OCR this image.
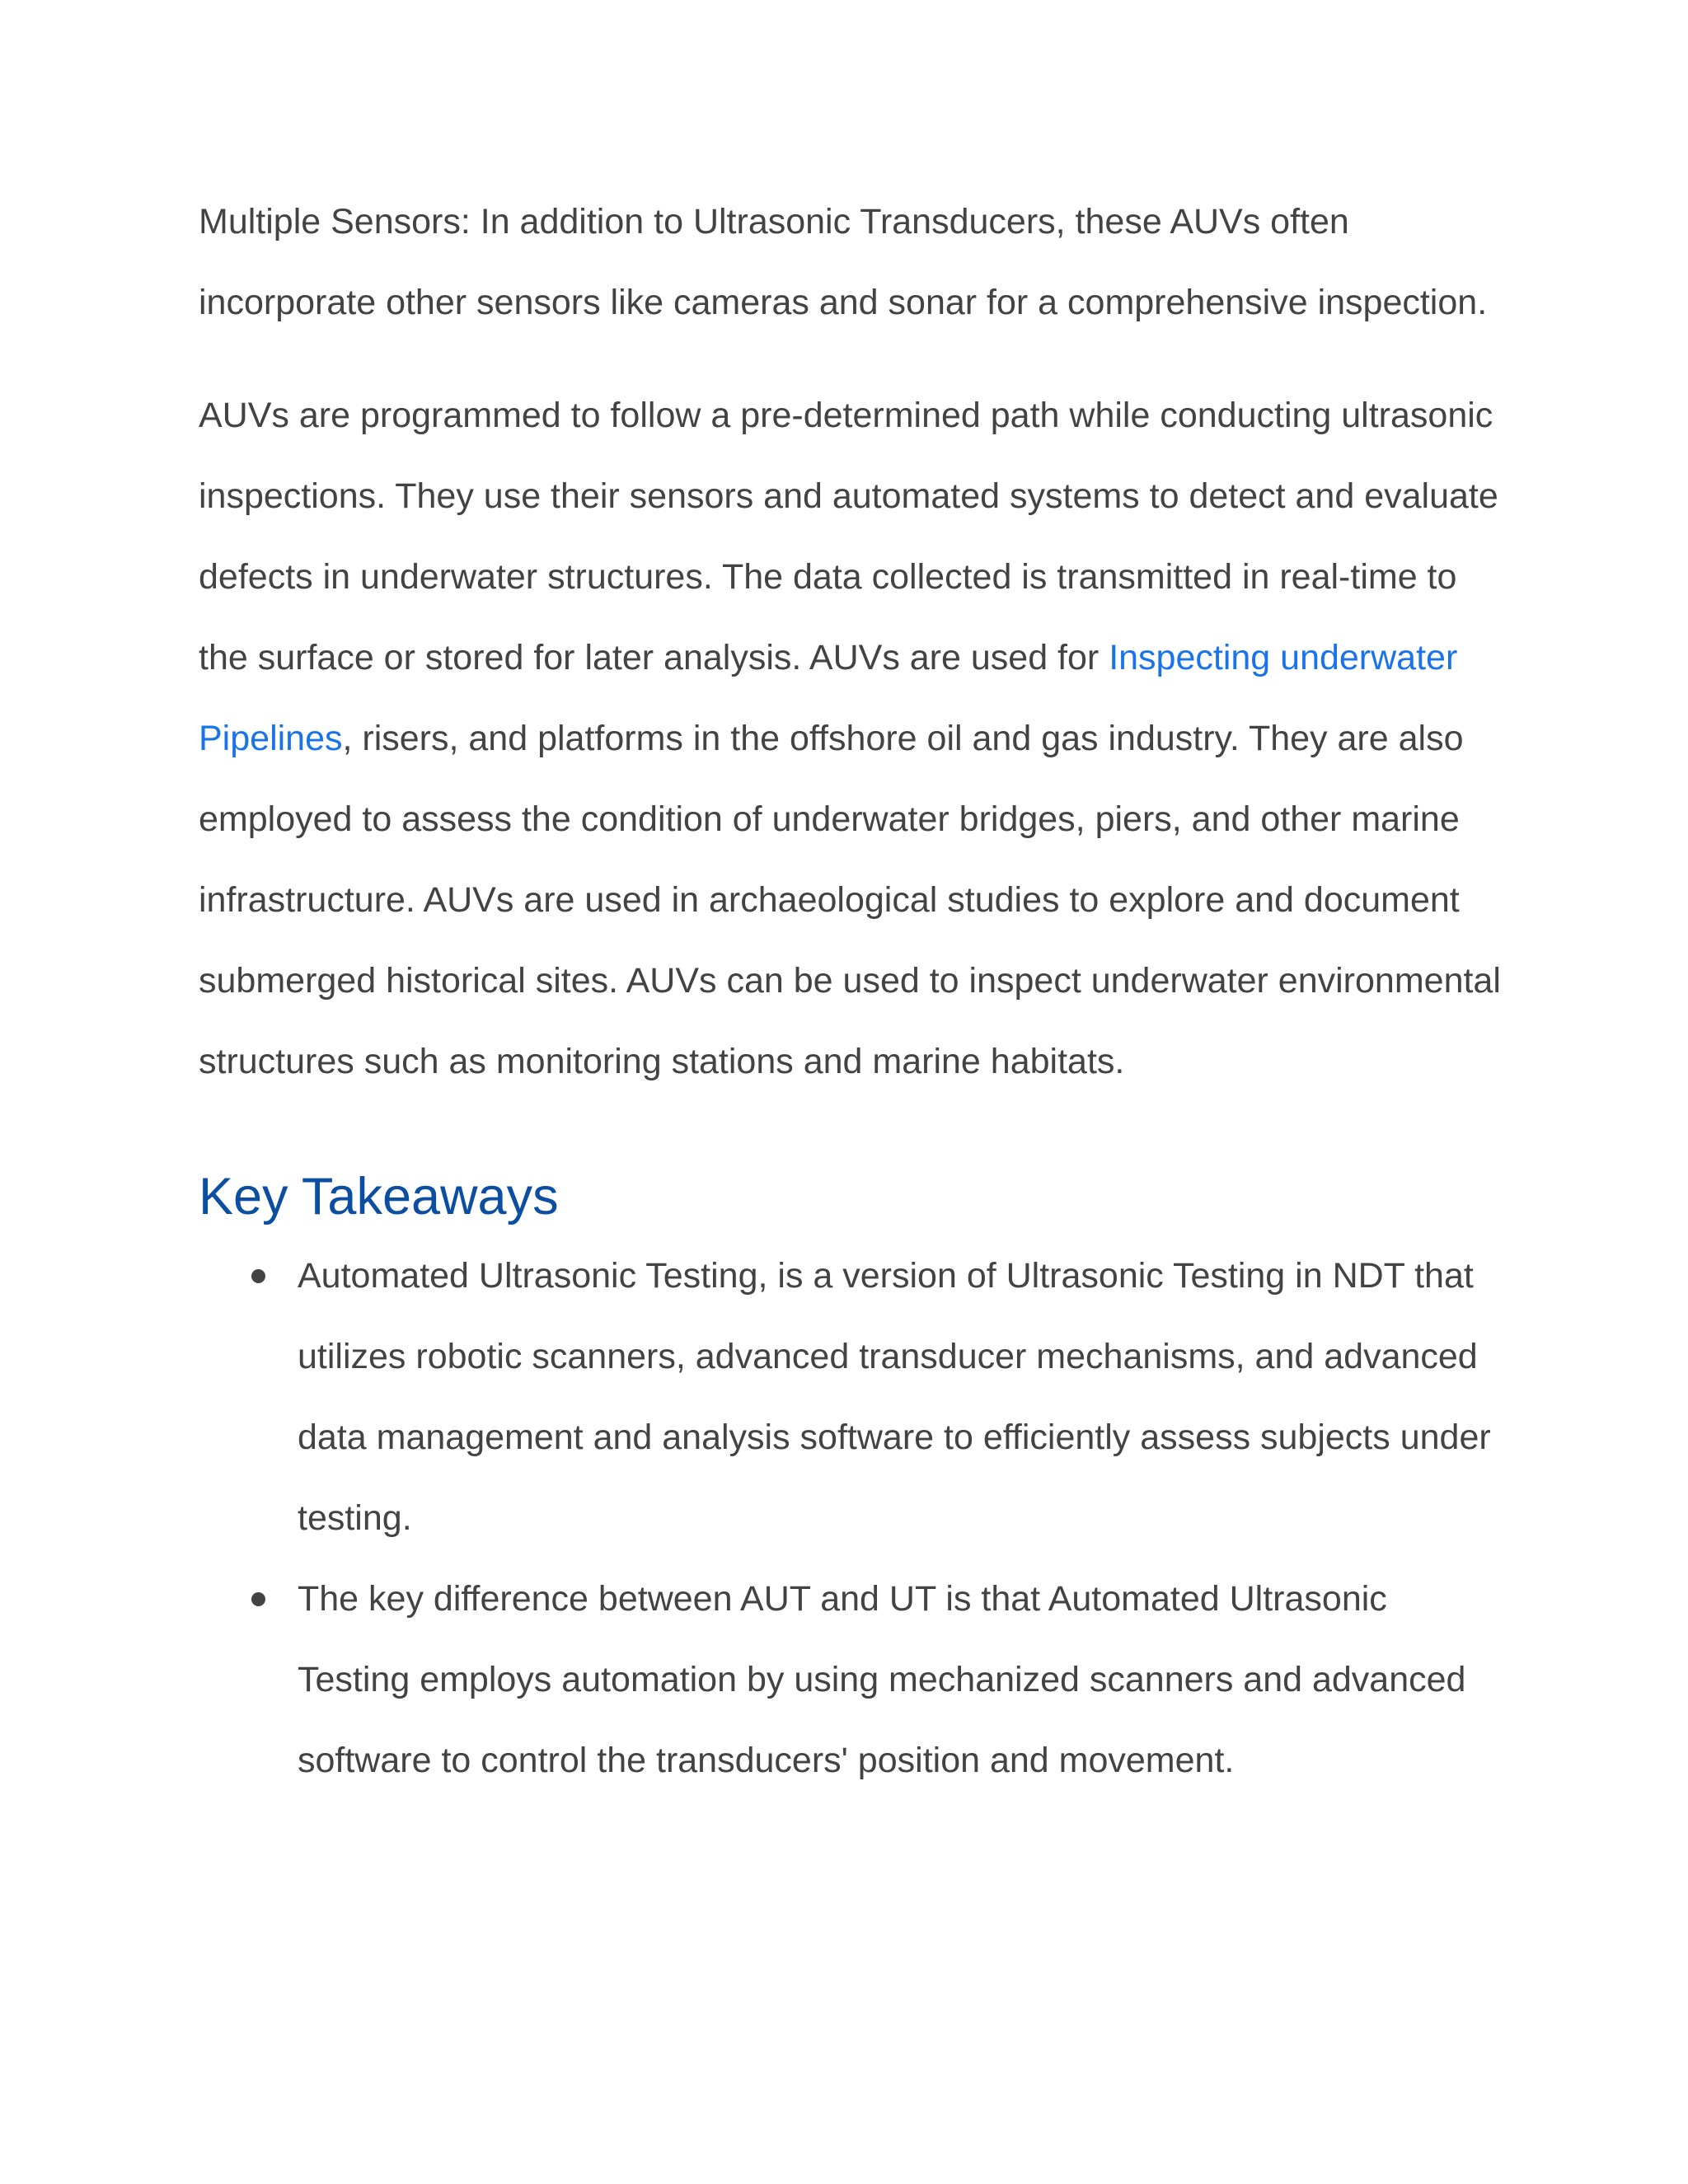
Multiple Sensors: In addition to Ultrasonic Transducers, these AUVs often incorporate other sensors like cameras and sonar for a comprehensive inspection.

AUVs are programmed to follow a pre-determined path while conducting ultrasonic inspections. They use their sensors and automated systems to detect and evaluate defects in underwater structures. The data collected is transmitted in real-time to the surface or stored for later analysis. AUVs are used for Inspecting underwater Pipelines, risers, and platforms in the offshore oil and gas industry. They are also employed to assess the condition of underwater bridges, piers, and other marine infrastructure. AUVs are used in archaeological studies to explore and document submerged historical sites. AUVs can be used to inspect underwater environmental structures such as monitoring stations and marine habitats.

Key Takeaways
Automated Ultrasonic Testing, is a version of Ultrasonic Testing in NDT that utilizes robotic scanners, advanced transducer mechanisms, and advanced data management and analysis software to efficiently assess subjects under testing.
The key difference between AUT and UT is that Automated Ultrasonic Testing employs automation by using mechanized scanners and advanced software to control the transducers' position and movement.
